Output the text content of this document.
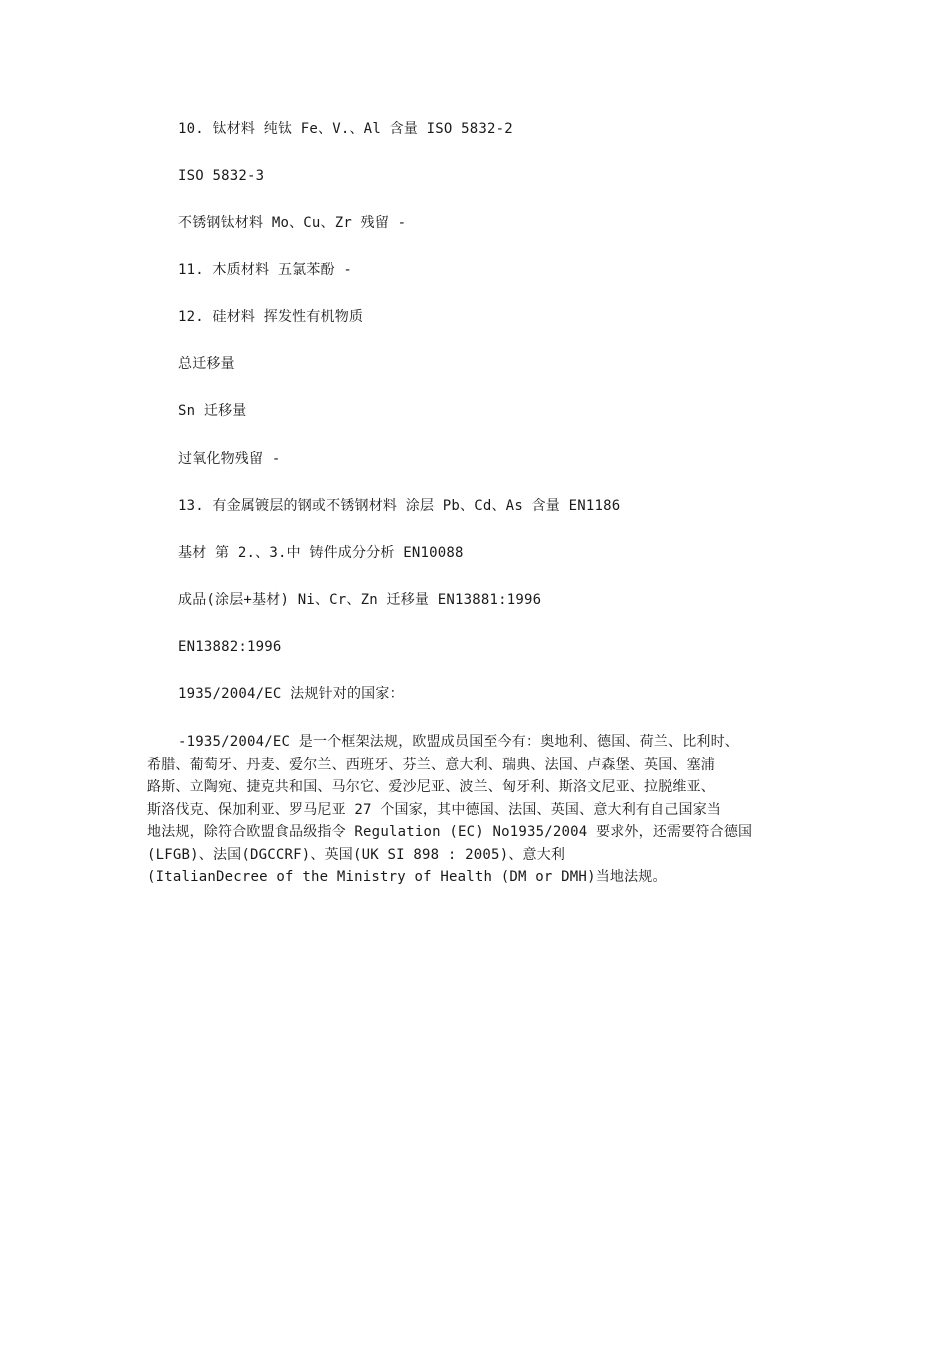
10. 钛材料 纯钛 Fe、V.、Al 含量 ISO 5832-2
ISO 5832-3
不锈钢钛材料 Mo、Cu、Zr 残留 -
11. 木质材料 五氯苯酚 -
12. 硅材料 挥发性有机物质
总迁移量
Sn 迁移量
过氧化物残留 -
13. 有金属镀层的钢或不锈钢材料 涂层 Pb、Cd、As 含量 EN1186
基材 第 2.、3.中 铸件成分分析 EN10088
成品(涂层+基材) Ni、Cr、Zn 迁移量 EN13881:1996
EN13882:1996
1935/2004/EC 法规针对的国家：
-1935/2004/EC 是一个框架法规，欧盟成员国至今有：奥地利、德国、荷兰、比利时、
希腊、葡萄牙、丹麦、爱尔兰、西班牙、芬兰、意大利、瑞典、法国、卢森堡、英国、塞浦
路斯、立陶宛、捷克共和国、马尔它、爱沙尼亚、波兰、匈牙利、斯洛文尼亚、拉脱维亚、
斯洛伐克、保加利亚、罗马尼亚 27 个国家，其中德国、法国、英国、意大利有自己国家当
地法规，除符合欧盟食品级指令 Regulation (EC) No1935/2004 要求外，还需要符合德国
(LFGB)、法国(DGCCRF)、英国(UK SI 898 : 2005)、意大利
(ItalianDecree of the Ministry of Health (DM or DMH)当地法规。
